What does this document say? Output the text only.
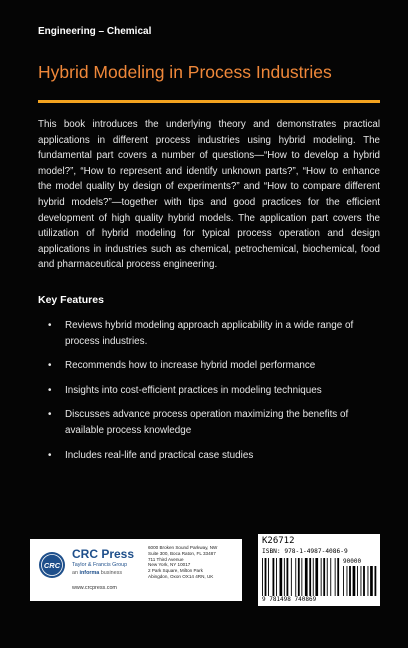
Engineering – Chemical
Hybrid Modeling in Process Industries

This book introduces the underlying theory and demonstrates practical applications in different process industries using hybrid modeling. The fundamental part covers a number of questions—“How to develop a hybrid model?”, “How to represent and identify unknown parts?”, “How to enhance the model quality by design of experiments?” and “How to compare different hybrid models?”—together with tips and good practices for the efficient development of high quality hybrid models. The application part covers the utilization of hybrid modeling for typical process operation and design applications in industries such as chemical, petrochemical, biochemical, food and pharmaceutical process engineering.

Key Features
• Reviews hybrid modeling approach applicability in a wide range of process industries.
• Recommends how to increase hybrid model performance
• Insights into cost-efficient practices in modeling techniques
• Discusses advance process operation maximizing the benefits of available process knowledge
• Includes real-life and practical case studies
CRC
CRC Press
Taylor & Francis Group
an informa business
www.crcpress.com
6000 Broken Sound Parkway, NW
Suite 300, Boca Raton, FL 33487
711 Third Avenue
New York, NY 10017
2 Park Square, Milton Park
Abingdon, Oxon OX14 4RN, UK
K26712
ISBN: 978-1-4987-4086-9
90000
9 781498 740869
